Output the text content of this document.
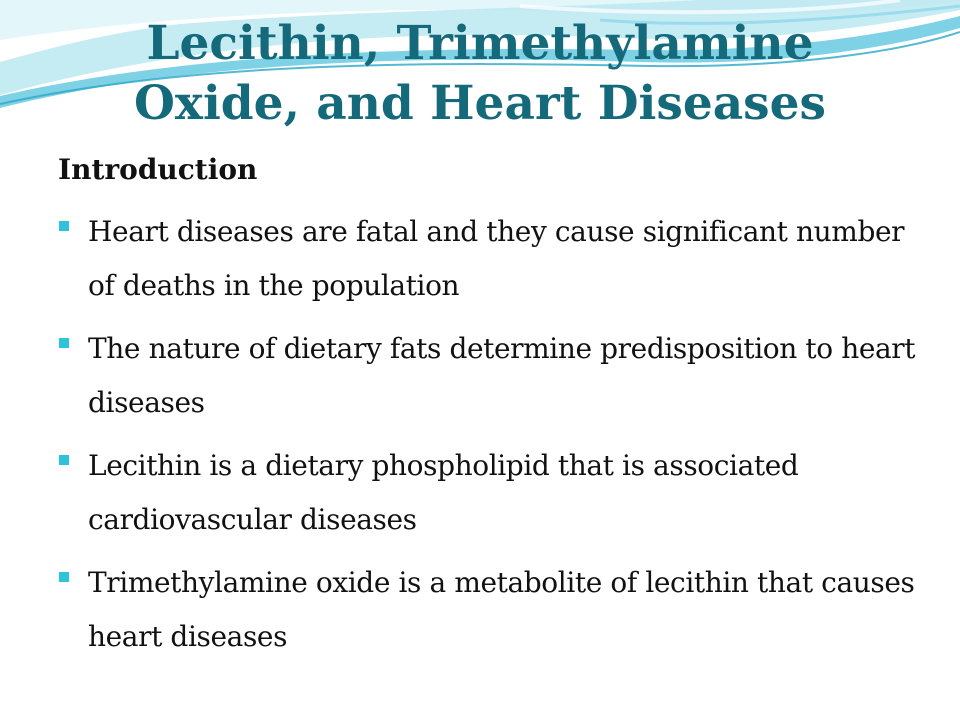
Lecithin, Trimethylamine
Oxide, and Heart Diseases
Introduction
Heart diseases are fatal and they cause significant number of deaths in the population
The nature of dietary fats determine predisposition to heart diseases
Lecithin is a dietary phospholipid that is associated cardiovascular diseases
Trimethylamine oxide is a metabolite of lecithin that causes heart diseases
